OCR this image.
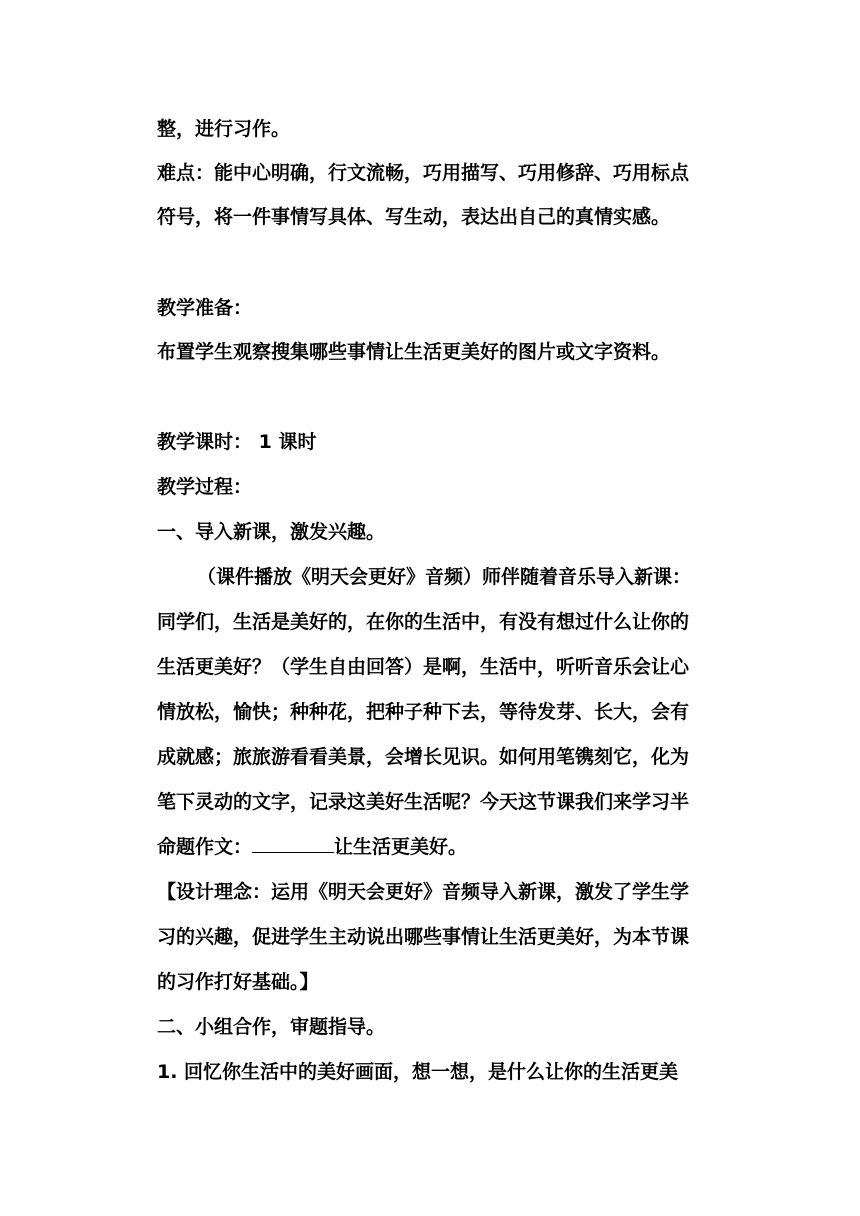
整，进行习作。
难点：能中心明确，行文流畅，巧用描写、巧用修辞、巧用标点
符号，将一件事情写具体、写生动，表达出自己的真情实感。
教学准备：
布置学生观察搜集哪些事情让生活更美好的图片或文字资料。
教学课时： 1 课时
教学过程：
一、导入新课，激发兴趣。
（课件播放《明天会更好》音频）师伴随着音乐导入新课：
同学们，生活是美好的，在你的生活中，有没有想过什么让你的
生活更美好？（学生自由回答）是啊，生活中，听听音乐会让心
情放松，愉快；种种花，把种子种下去，等待发芽、长大，会有
成就感；旅旅游看看美景，会增长见识。如何用笔镌刻它，化为
笔下灵动的文字，记录这美好生活呢？今天这节课我们来学习半
命题作文：	让生活更美好。
【设计理念：运用《明天会更好》音频导入新课，激发了学生学
习的兴趣，促进学生主动说出哪些事情让生活更美好，为本节课
的习作打好基础。】
二、小组合作，审题指导。
1. 回忆你生活中的美好画面，想一想，是什么让你的生活更美
